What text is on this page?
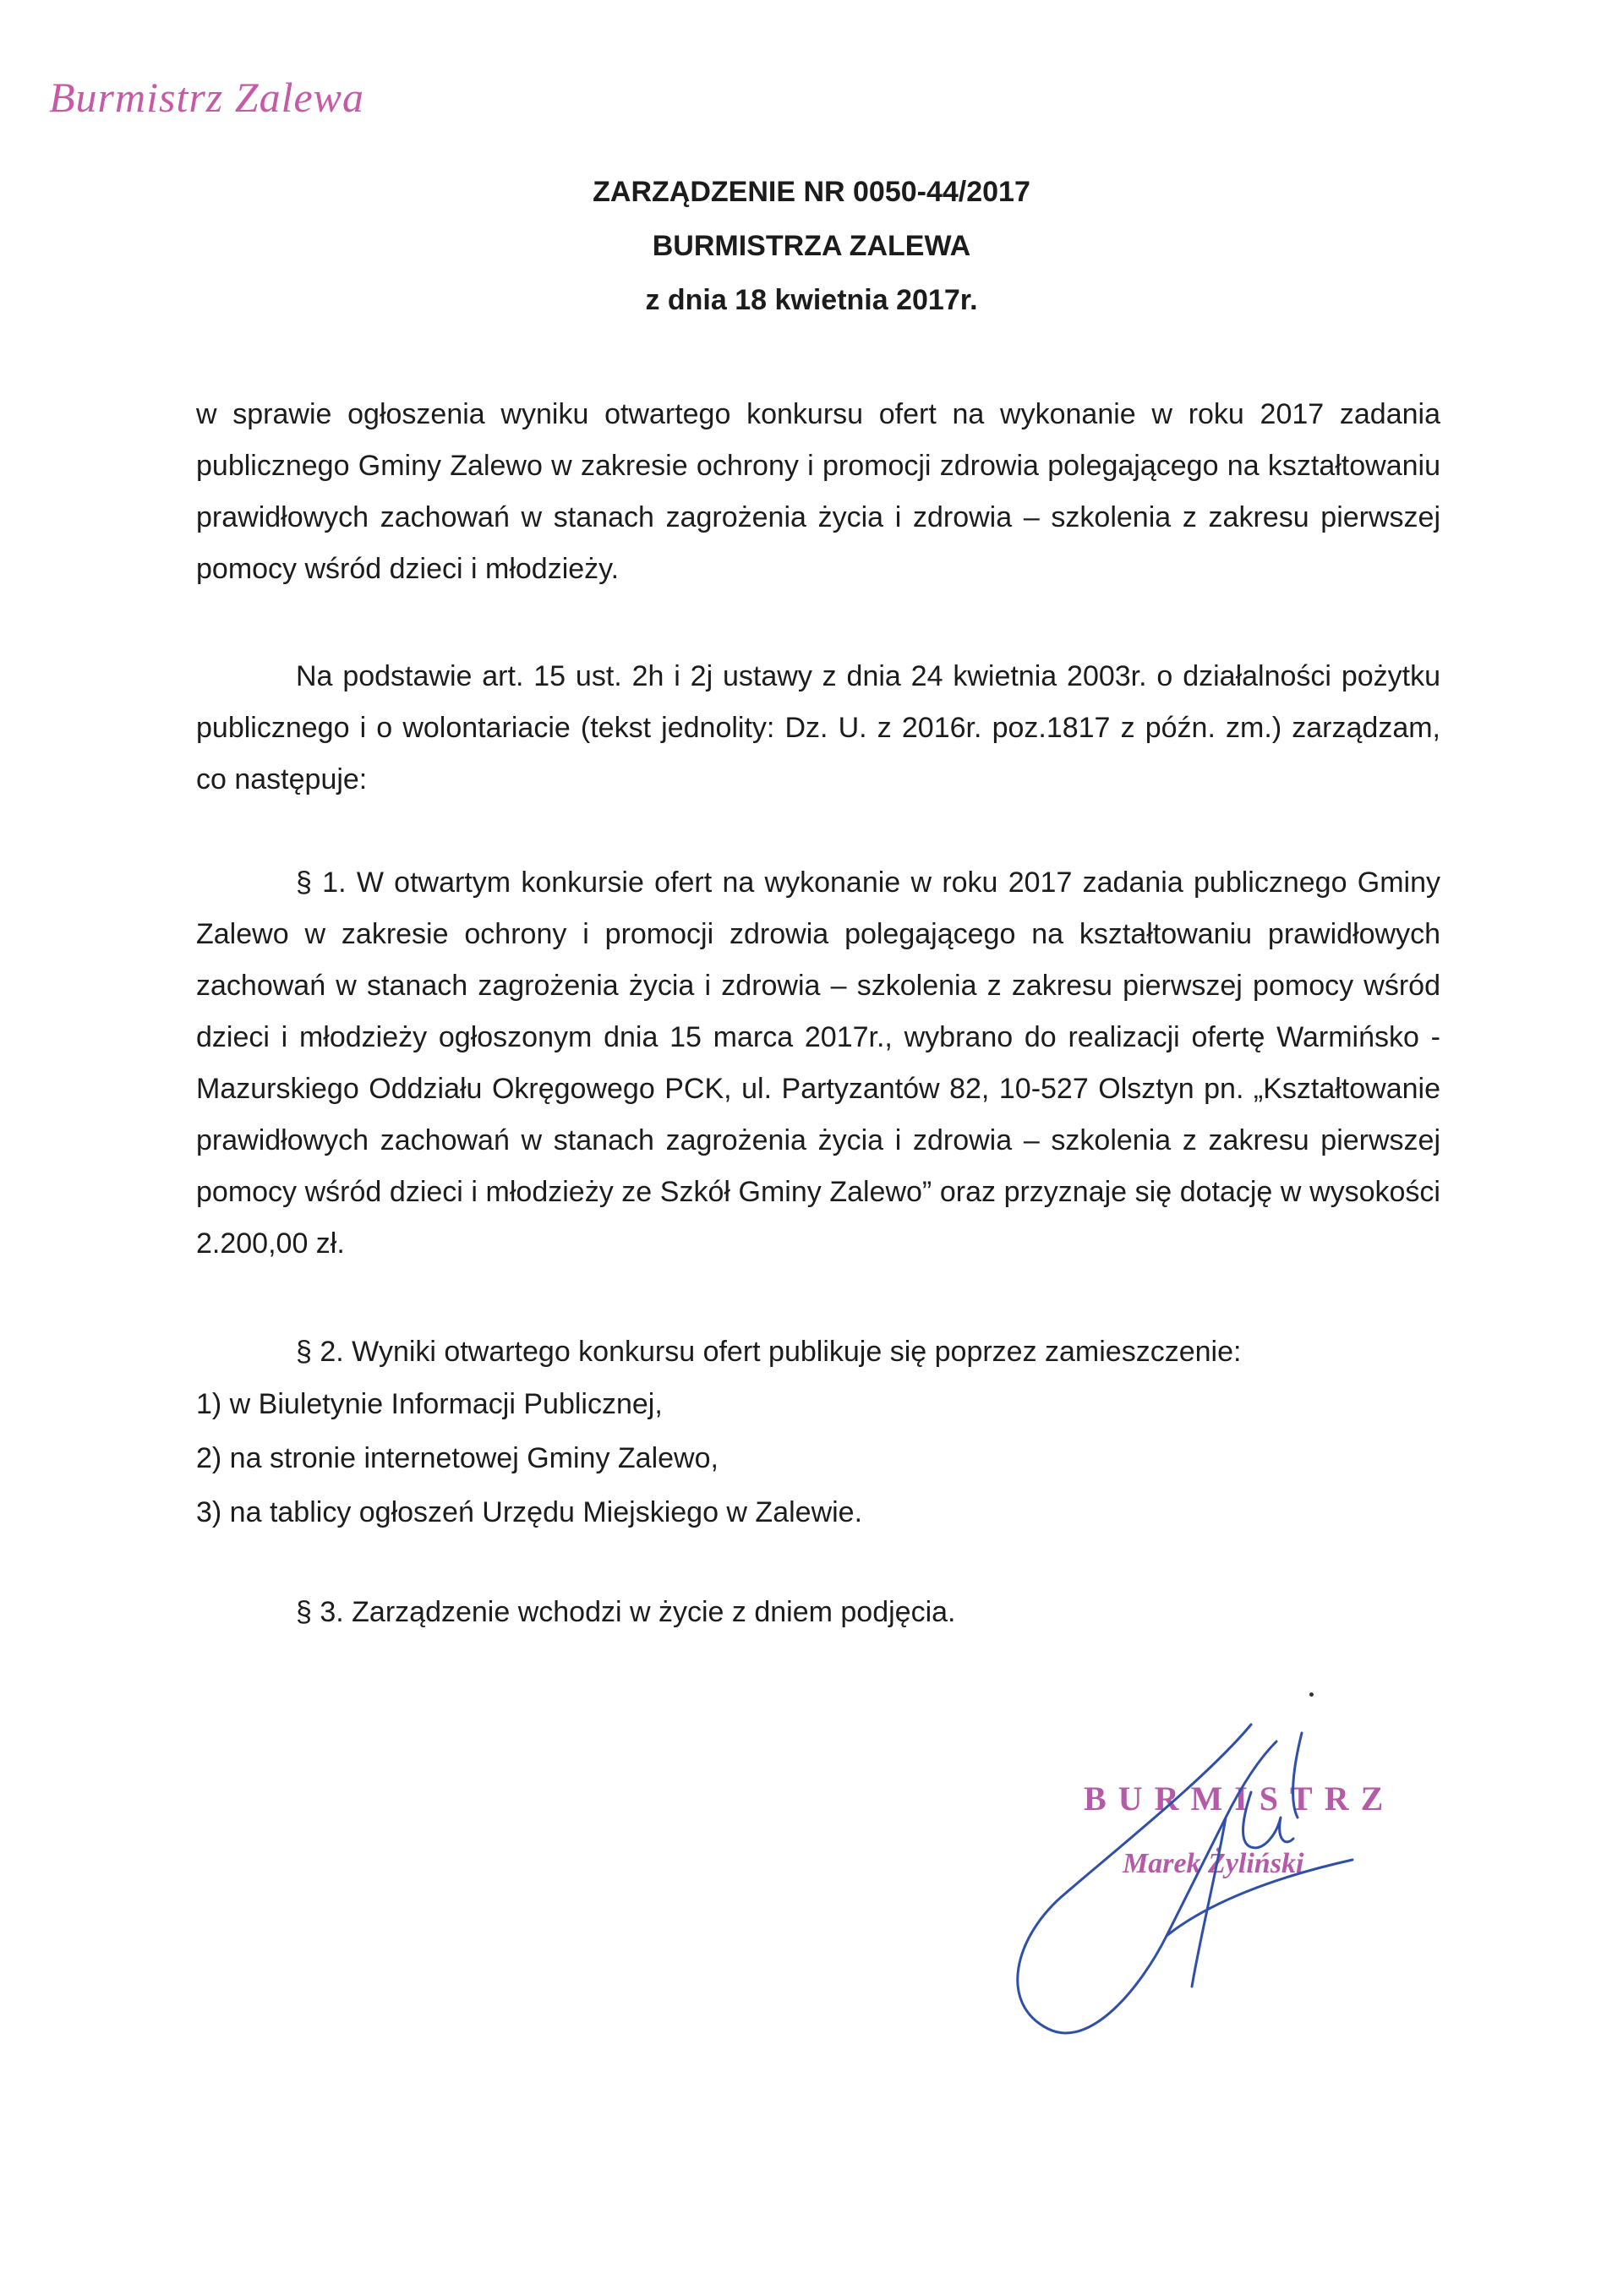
Burmistrz Zalewa
ZARZĄDZENIE NR 0050-44/2017
BURMISTRZA ZALEWA
z dnia 18 kwietnia 2017r.

w sprawie ogłoszenia wyniku otwartego konkursu ofert na wykonanie w roku 2017 zadania publicznego Gminy Zalewo w zakresie ochrony i promocji zdrowia polegającego na kształtowaniu prawidłowych zachowań w stanach zagrożenia życia i zdrowia – szkolenia z zakresu pierwszej pomocy wśród dzieci i młodzieży.

Na podstawie art. 15 ust. 2h i 2j ustawy z dnia 24 kwietnia 2003r. o działalności pożytku publicznego i o wolontariacie (tekst jednolity: Dz. U. z 2016r. poz.1817 z późn. zm.) zarządzam, co następuje:

§ 1. W otwartym konkursie ofert na wykonanie w roku 2017 zadania publicznego Gminy Zalewo w zakresie ochrony i promocji zdrowia polegającego na kształtowaniu prawidłowych zachowań w stanach zagrożenia życia i zdrowia – szkolenia z zakresu pierwszej pomocy wśród dzieci i młodzieży ogłoszonym dnia 15 marca 2017r., wybrano do realizacji ofertę Warmińsko - Mazurskiego Oddziału Okręgowego PCK, ul. Partyzantów 82, 10-527 Olsztyn pn. „Kształtowanie prawidłowych zachowań w stanach zagrożenia życia i zdrowia – szkolenia z zakresu pierwszej pomocy wśród dzieci i młodzieży ze Szkół Gminy Zalewo” oraz przyznaje się dotację w wysokości 2.200,00 zł.

§ 2. Wyniki otwartego konkursu ofert publikuje się poprzez zamieszczenie:
1) w Biuletynie Informacji Publicznej,
2) na stronie internetowej Gminy Zalewo,
3) na tablicy ogłoszeń Urzędu Miejskiego w Zalewie.
§ 3. Zarządzenie wchodzi w życie z dniem podjęcia.
BURMISTRZ
Marek Żyliński
